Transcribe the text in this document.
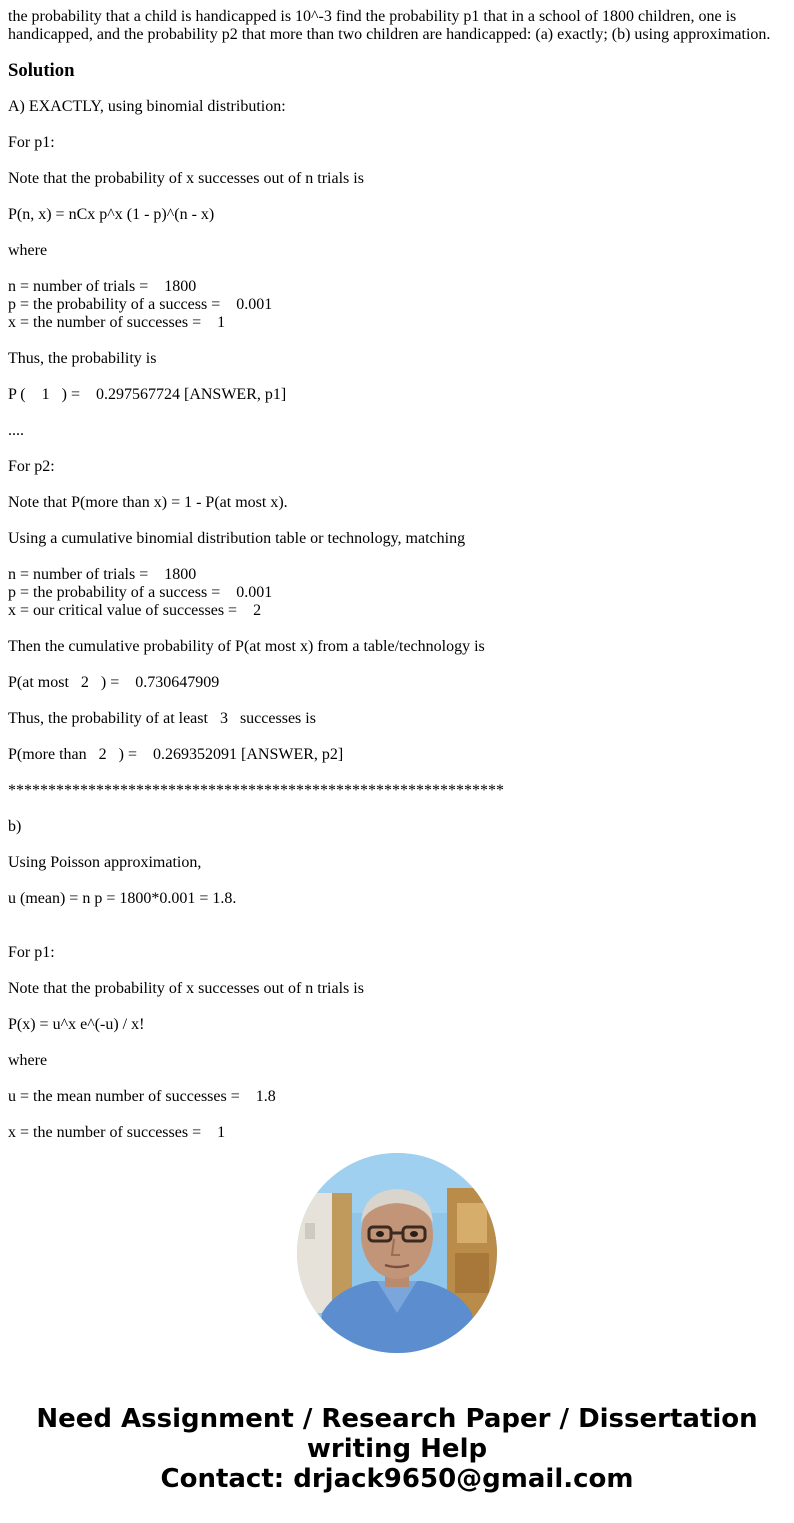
the probability that a child is handicapped is 10^-3 find the probability p1 that in a school of 1800 children, one is handicapped, and the probability p2 that more than two children are handicapped: (a) exactly; (b) using approximation.

Solution
A) EXACTLY, using binomial distribution:
For p1:
Note that the probability of x successes out of n trials is
P(n, x) = nCx p^x (1 - p)^(n - x)
where
n = number of trials =    1800
p = the probability of a success =    0.001
x = the number of successes =    1
Thus, the probability is
P (    1   ) =    0.297567724 [ANSWER, p1]
....
For p2:
Note that P(more than x) = 1 - P(at most x).
Using a cumulative binomial distribution table or technology, matching
n = number of trials =    1800
p = the probability of a success =    0.001
x = our critical value of successes =    2
Then the cumulative probability of P(at most x) from a table/technology is
P(at most   2   ) =    0.730647909
Thus, the probability of at least   3   successes is
P(more than   2   ) =    0.269352091 [ANSWER, p2]
**************************************************************
b)
Using Poisson approximation,
u (mean) = n p = 1800*0.001 = 1.8.
For p1:
Note that the probability of x successes out of n trials is
P(x) = u^x e^(-u) / x!
where
u = the mean number of successes =    1.8
x = the number of successes =    1
Need Assignment / Research Paper / Dissertation
writing Help
Contact: drjack9650@gmail.com
